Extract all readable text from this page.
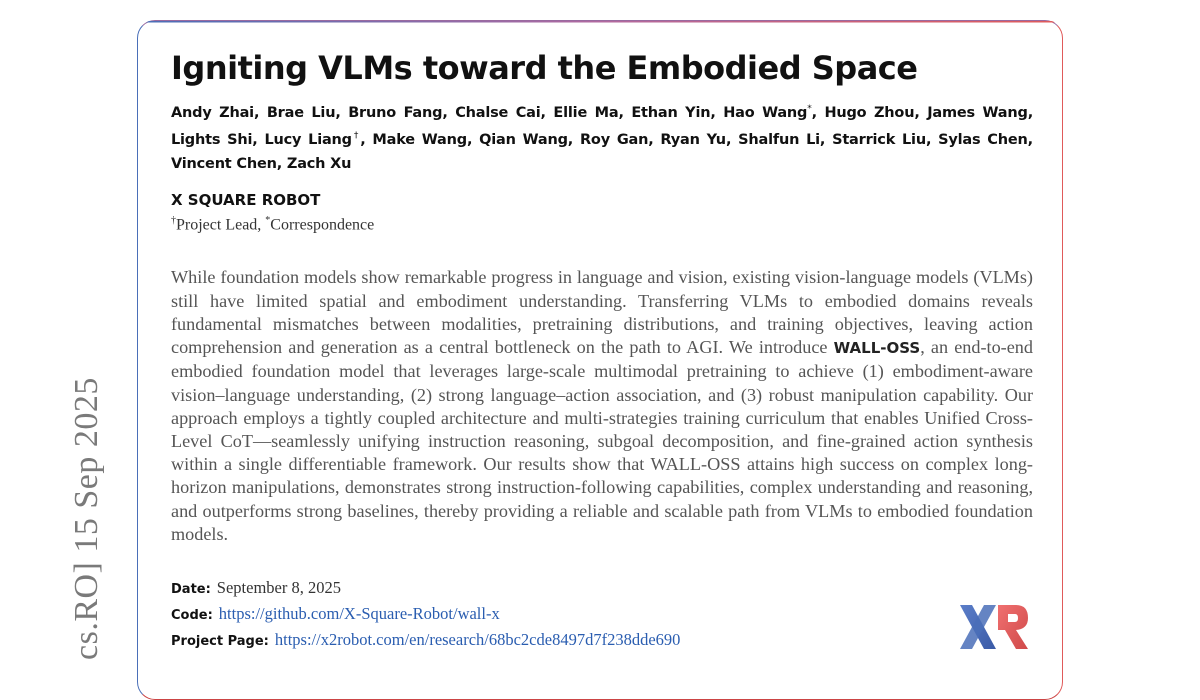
cs.RO] 15 Sep 2025
Igniting VLMs toward the Embodied Space
Andy Zhai, Brae Liu, Bruno Fang, Chalse Cai, Ellie Ma, Ethan Yin, Hao Wang*, Hugo Zhou, James Wang, Lights Shi, Lucy Liang†, Make Wang, Qian Wang, Roy Gan, Ryan Yu, Shalfun Li, Starrick Liu, Sylas Chen, Vincent Chen, Zach Xu
X SQUARE ROBOT
†Project Lead, *Correspondence
While foundation models show remarkable progress in language and vision, existing vision-language models (VLMs) still have limited spatial and embodiment understanding. Transferring VLMs to embodied domains reveals fundamental mismatches between modalities, pretraining distributions, and training objectives, leaving action comprehension and generation as a central bottleneck on the path to AGI. We introduce WALL-OSS, an end-to-end embodied foundation model that leverages large-scale multimodal pretraining to achieve (1) embodiment-aware vision–language understanding, (2) strong language–action association, and (3) robust manipulation capability. Our approach employs a tightly coupled architecture and multi-strategies training curriculum that enables Unified Cross-Level CoT—seamlessly unifying instruction reasoning, subgoal decomposition, and fine-grained action synthesis within a single differentiable framework. Our results show that WALL-OSS attains high success on complex long-horizon manipulations, demonstrates strong instruction-following capabilities, complex understanding and reasoning, and outperforms strong baselines, thereby providing a reliable and scalable path from VLMs to embodied foundation models.
Date: September 8, 2025
Code: https://github.com/X-Square-Robot/wall-x
Project Page: https://x2robot.com/en/research/68bc2cde8497d7f238dde690
